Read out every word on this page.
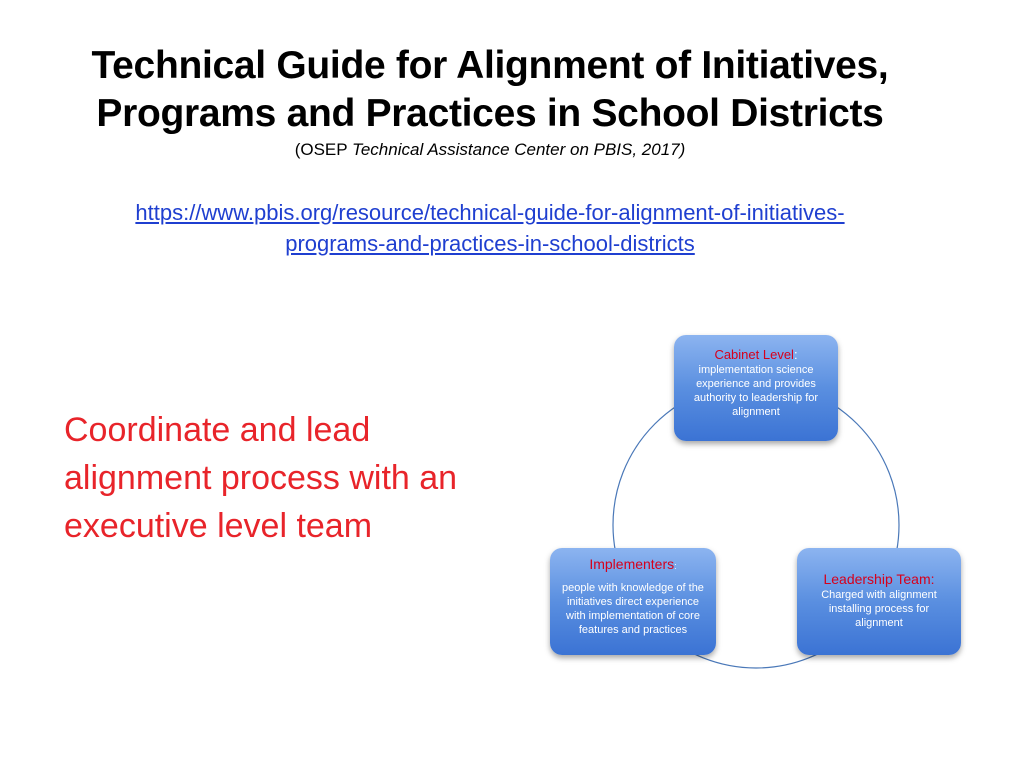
Technical Guide for Alignment of Initiatives,
Programs and Practices in School Districts
(OSEP Technical Assistance Center on PBIS, 2017)
https://www.pbis.org/resource/technical-guide-for-alignment-of-initiatives-
programs-and-practices-in-school-districts
Coordinate and lead alignment process with an executive level team
Cabinet Level:
implementation science experience and provides authority to leadership for alignment
Leadership Team:
Charged with alignment installing process for alignment
Implementers:
people with knowledge of the initiatives direct experience with implementation of core features and practices
